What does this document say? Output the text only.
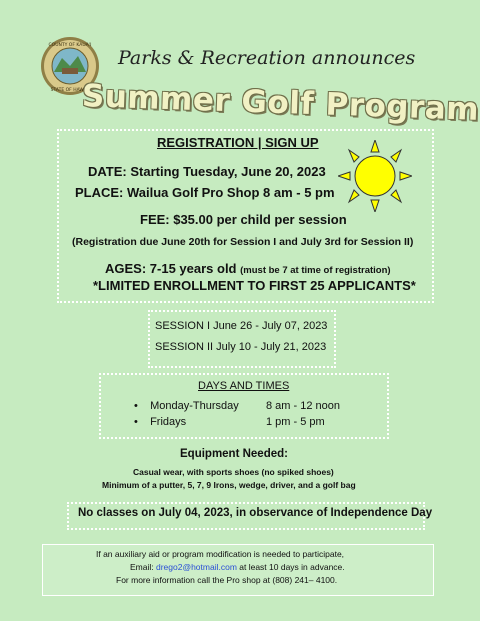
COUNTY OF KAUA‘I
STATE OF HAWAII
Parks & Recreation announces
Summer Golf Program
REGISTRATION | SIGN UP
DATE: Starting Tuesday, June 20, 2023
PLACE: Wailua Golf Pro Shop 8 am - 5 pm
FEE: $35.00 per child per session
(Registration due June 20th for Session I and July 3rd for Session II)
AGES: 7-15 years old (must be 7 at time of registration)
*LIMITED ENROLLMENT TO FIRST 25 APPLICANTS*
SESSION I June 26 - July 07, 2023
SESSION II July 10 - July 21, 2023
DAYS AND TIMES
•    Monday-Thursday 8 am - 12 noon
•    Fridays	1 pm - 5 pm
Equipment Needed:
Casual wear, with sports shoes (no spiked shoes)
Minimum of a putter, 5, 7, 9 Irons, wedge, driver, and a golf bag
No classes on July 04, 2023, in observance of Independence Day
If an auxiliary aid or program modification is needed to participate,
Email: drego2@hotmail.com at least 10 days in advance.
For more information call the Pro shop at (808) 241– 4100.
